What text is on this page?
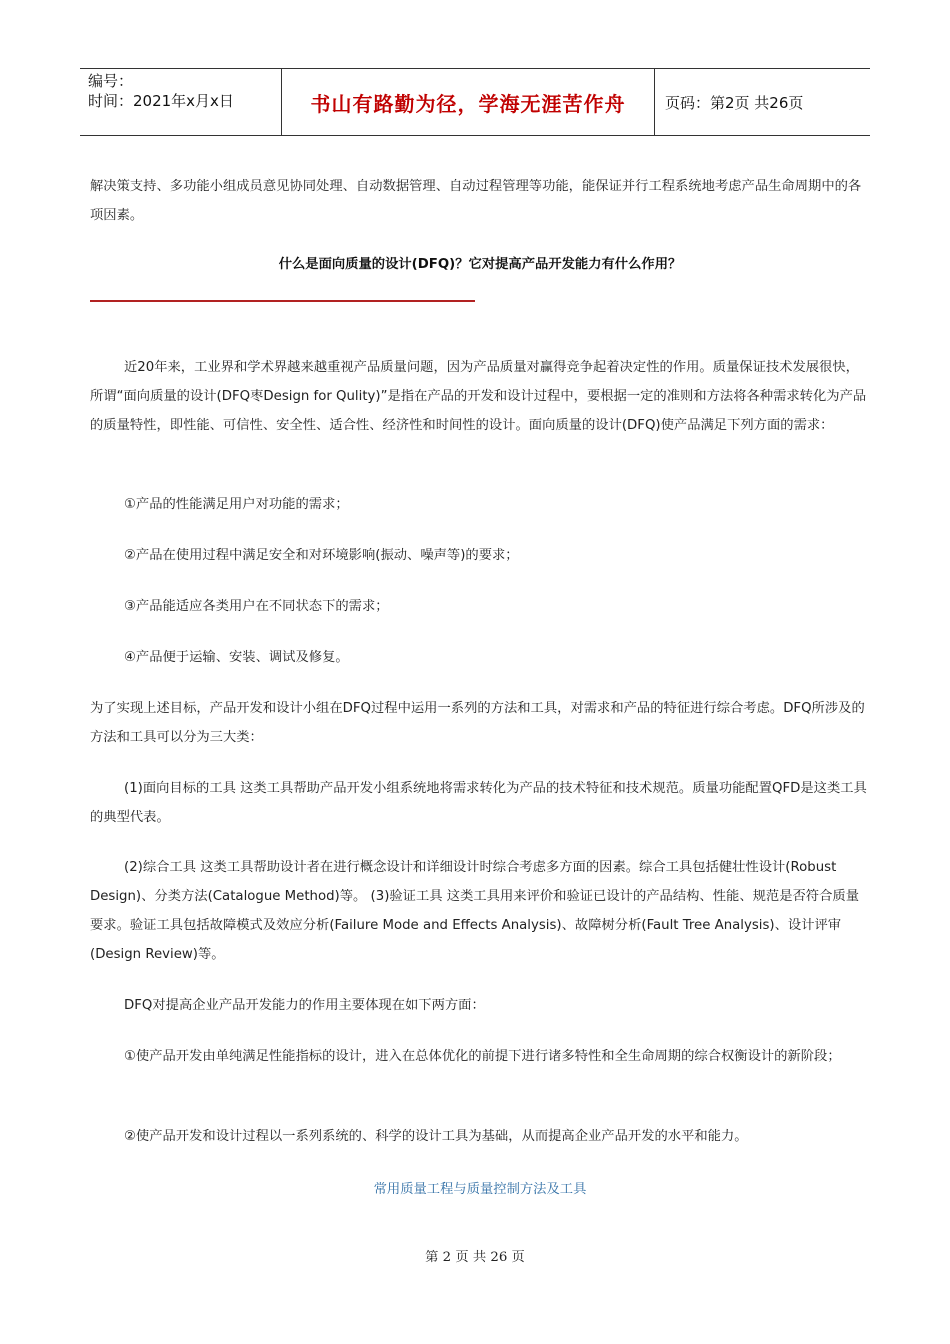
编号：
时间：2021年x月x日	书山有路勤为径，学海无涯苦作舟	页码：第2页 共26页
解决策支持、多功能小组成员意见协同处理、自动数据管理、自动过程管理等功能，能保证并行工程系统地考虑产品生命周期中的各项因素。
什么是面向质量的设计(DFQ)？它对提高产品开发能力有什么作用？
近20年来，工业界和学术界越来越重视产品质量问题，因为产品质量对赢得竞争起着决定性的作用。质量保证技术发展很快，所谓“面向质量的设计(DFQ枣Design for Qulity)”是指在产品的开发和设计过程中，要根据一定的准则和方法将各种需求转化为产品的质量特性，即性能、可信性、安全性、适合性、经济性和时间性的设计。面向质量的设计(DFQ)使产品满足下列方面的需求：
①产品的性能满足用户对功能的需求；
②产品在使用过程中满足安全和对环境影响(振动、噪声等)的要求；
③产品能适应各类用户在不同状态下的需求；
④产品便于运输、安装、调试及修复。
为了实现上述目标，产品开发和设计小组在DFQ过程中运用一系列的方法和工具，对需求和产品的特征进行综合考虑。DFQ所涉及的方法和工具可以分为三大类：
(1)面向目标的工具 这类工具帮助产品开发小组系统地将需求转化为产品的技术特征和技术规范。质量功能配置QFD是这类工具的典型代表。
(2)综合工具 这类工具帮助设计者在进行概念设计和详细设计时综合考虑多方面的因素。综合工具包括健壮性设计(Robust Design)、分类方法(Catalogue Method)等。 (3)验证工具 这类工具用来评价和验证已设计的产品结构、性能、规范是否符合质量要求。验证工具包括故障模式及效应分析(Failure Mode and Effects Analysis)、故障树分析(Fault Tree Analysis)、设计评审(Design Review)等。
DFQ对提高企业产品开发能力的作用主要体现在如下两方面：
①使产品开发由单纯满足性能指标的设计，进入在总体优化的前提下进行诸多特性和全生命周期的综合权衡设计的新阶段；
②使产品开发和设计过程以一系列系统的、科学的设计工具为基础，从而提高企业产品开发的水平和能力。
常用质量工程与质量控制方法及工具
第 2 页 共 26 页
